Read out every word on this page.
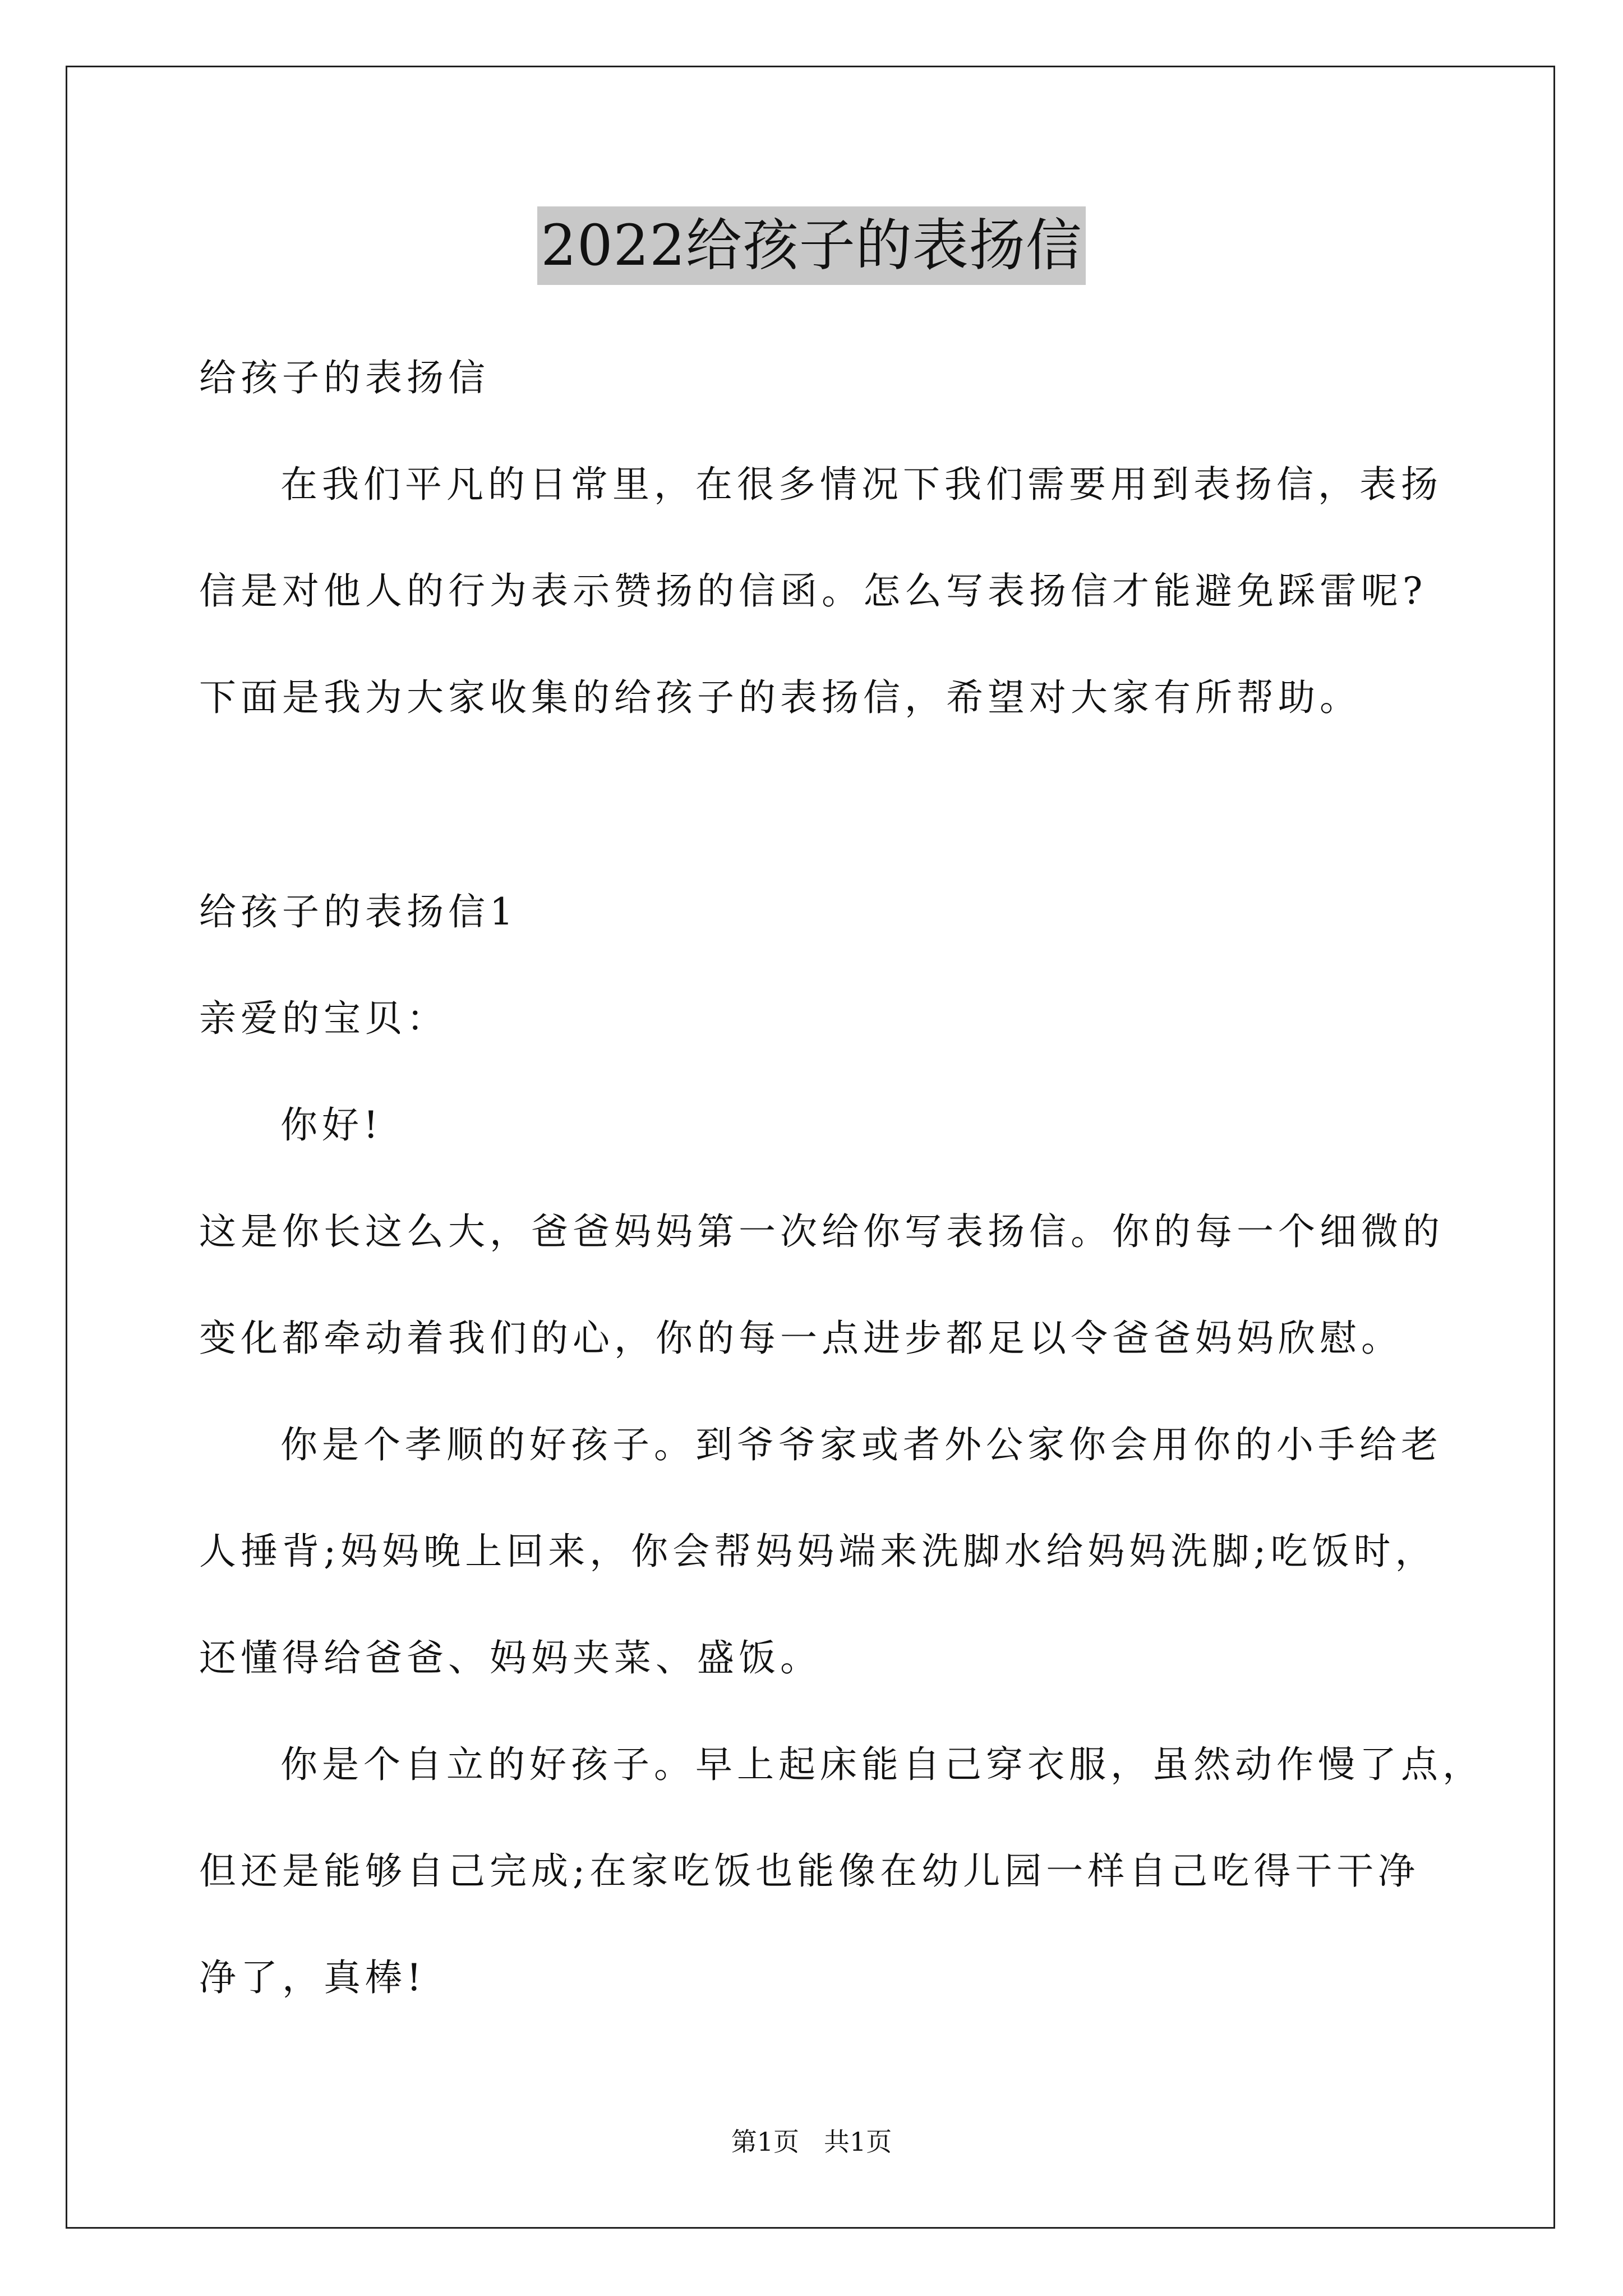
2022给孩子的表扬信
给孩子的表扬信
在我们平凡的日常里，在很多情况下我们需要用到表扬信，表扬
信是对他人的行为表示赞扬的信函。怎么写表扬信才能避免踩雷呢?
下面是我为大家收集的给孩子的表扬信，希望对大家有所帮助。
给孩子的表扬信1
亲爱的宝贝：
你好!
这是你长这么大，爸爸妈妈第一次给你写表扬信。你的每一个细微的
变化都牵动着我们的心，你的每一点进步都足以令爸爸妈妈欣慰。
你是个孝顺的好孩子。到爷爷家或者外公家你会用你的小手给老
人捶背;妈妈晚上回来，你会帮妈妈端来洗脚水给妈妈洗脚;吃饭时，
还懂得给爸爸、妈妈夹菜、盛饭。
你是个自立的好孩子。早上起床能自己穿衣服，虽然动作慢了点，
但还是能够自己完成;在家吃饭也能像在幼儿园一样自己吃得干干净
净了，真棒!
第1页 共1页
